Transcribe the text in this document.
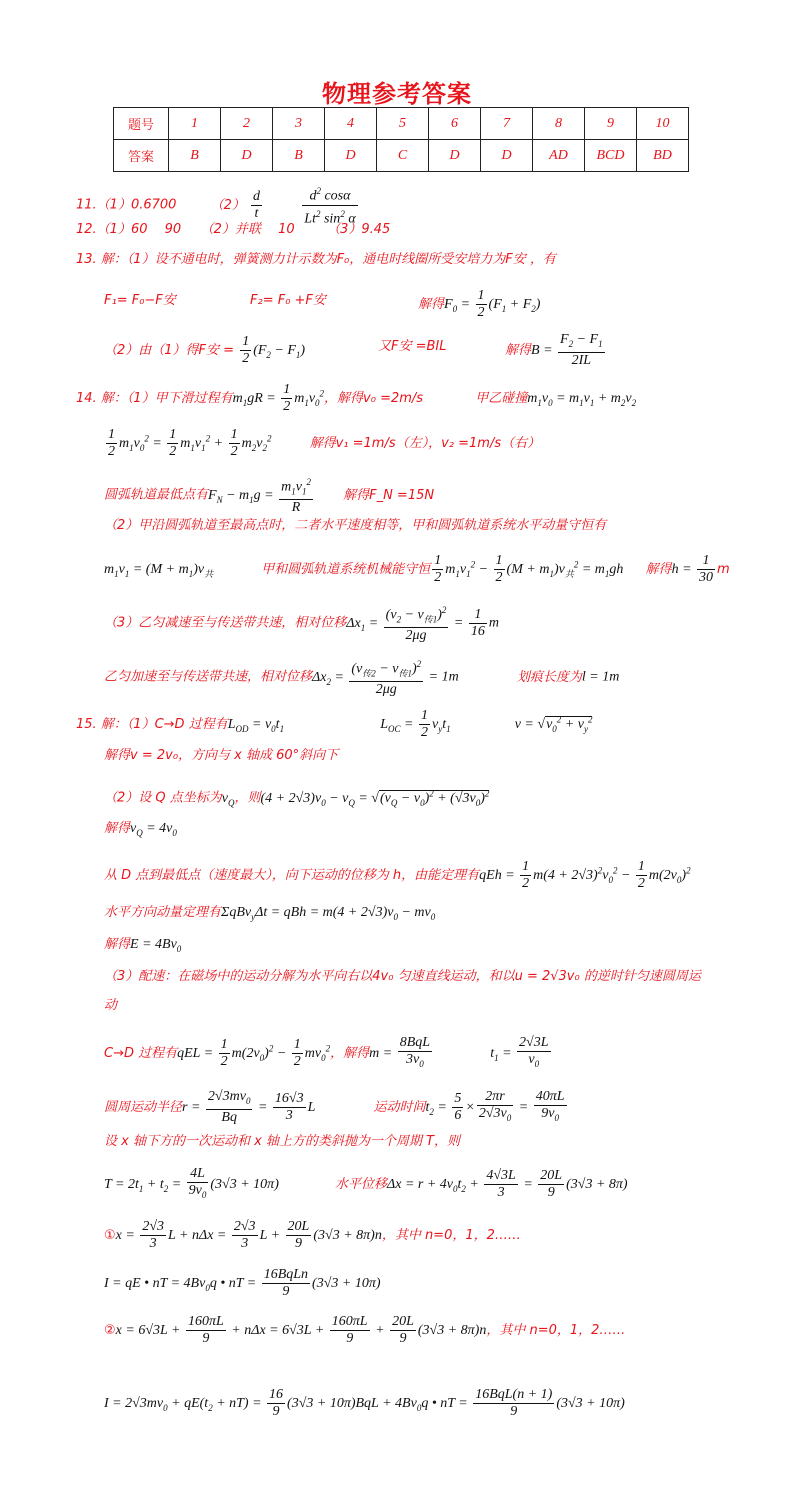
物理参考答案
题号	1	2	3	4	5	6	7	8	9	10
答案	B	D	B	D	C	D	D	AD	BCD	BD
11.（1）0.6700	$(2) \frac{d}{t}$
	$\frac{d^2 \cos\alpha}{Lt^2 \sin^2 \alpha}$
12.（1）60　 90　　（2）并联　 10　　　（3）9.45
13. 解：（1）设不通电时，弹簧测力计示数为F₀，通电时线圈所受安培力为F安 ，有
F₁= F₀−F安	F₂= F₀ +F安	解得$F_0 = \frac{1}{2} (F_1 + F_2)$
（2）由（1）得F安 = $\frac{1}{2} (F_2 - F_1)$	又F安 =BIL	解得$B = \frac{F_2 - F_1}{2IL}$
14. 解：（1）甲下滑过程有$m_1gR = \frac{1}{2} m_1v_0^2$，解得v₀ =2m/s	甲乙碰撞$m_1v_0 = m_1v_1 + m_2v_2$
$\frac{1}{2} m_1v_0^2 = \frac{1}{2} m_1v_1^2 + \frac{1}{2} m_2v_2^2$	解得v₁ =1m/s（左），v₂ =1m/s（右）
圆弧轨道最低点有$F_N - m_1g = \frac{m_1v_1^2}{R}$ 解得F_N =15N
（2）甲沿圆弧轨道至最高点时，二者水平速度相等，甲和圆弧轨道系统水平动量守恒有
$m_1v_1 = (M + m_1)v_共$	甲和圆弧轨道系统机械能守恒 $\frac{1}{2} m_1v_1^2 - \frac{1}{2} (M + m_1)v_共^2 = m_1gh$ 解得$h = \frac{1}{30}$ m
（3）乙匀减速至与传送带共速，相对位移$\Delta x_1 = \frac{(v_2 - v_{传1})^2}{2\mu g} = \frac{1}{16}$ m
乙匀加速至与传送带共速，相对位移$\Delta x_2 = \frac{(v_{传2} - v_{传1})^2}{2\mu g} = 1m$	划痕长度为l = 1m
15. 解：（1）C→D 过程有$L_{OD} = v_0t_1$	$L_{OC} = \frac{1}{2} v_yt_1$	$v = √v_0^2 + v_y^2$
解得v = 2v₀，方向与 x 轴成 60°斜向下
（2）设 Q 点坐标为$v_Q$，则$(4 + 2√3)v_0 - v_Q = √(v_Q - v_0)^2 + (√3v_0)^2$
解得$v_Q = 4v_0$
从 D 点到最低点（速度最大），向下运动的位移为 h，由能定理有qEh = $\frac{1}{2} m(4 + 2√3)^2v_0^2 - \frac{1}{2} m(2v_0)^2$
水平方向动量定理有ΣqBv$_y$Δt = qBh = $m(4 + 2√3)v_0 - mv_0$
解得$E = 4Bv_0$
（3）配速：在磁场中的运动分解为水平向右以4v₀ 匀速直线运动，和以u = 2√3v₀ 的逆时针匀速圆周运
动
C→D 过程有qEL = $\frac{1}{2} m(2v_0)^2 - \frac{1}{2} mv_0^2$，解得$m = \frac{\text{8BqL}}{3v_0}$	$t_1 = \frac{2√3L}{v_0}$
圆周运动半径$r = \frac{2√3mv_0}{Bq} = \frac{16√3}{3}$ L	运动时间$t_2 = \frac{5}{6} \times \frac{2\pi r}{2√3v_0} = \frac{40\pi L}{9v_0}$
设 x 轴下方的一次运动和 x 轴上方的类斜抛为一个周期 T，则
$T = 2t_1 + t_2 = \frac{4L}{9v_0} (3√3 + 10\pi)$	水平位移$\Delta x = r + 4v_0t_2 + \frac{4√3L}{3} = \frac{20L}{9} (3√3 + 8\pi)$
①x = $\frac{2√3}{3}$ $L + n\Delta x = \frac{2√3}{3}$ $L + \frac{20L}{9} (3√3 + 8\pi)n$，其中 n=0，1，2……
I = qE • nT = $4Bv_0q$ • nT = $\frac{\text{16BqLn}}{9} (3√3 + 10\pi)$
②x = $6√3L + \frac{160\pi L}{9} + n\Delta x = 6√3L + \frac{160\pi L}{9} + \frac{20L}{9} (3√3 + 8\pi)n$，其中 n=0，1，2……
$I = 2√3mv_0 + qE(t_2 + nT) = \frac{16}{9} (3√3 + 10\pi)BqL + 4Bv_0q$ • nT = $\frac{\text{16BqL(n + 1)}}{9} (3√3 + 10\pi)$
